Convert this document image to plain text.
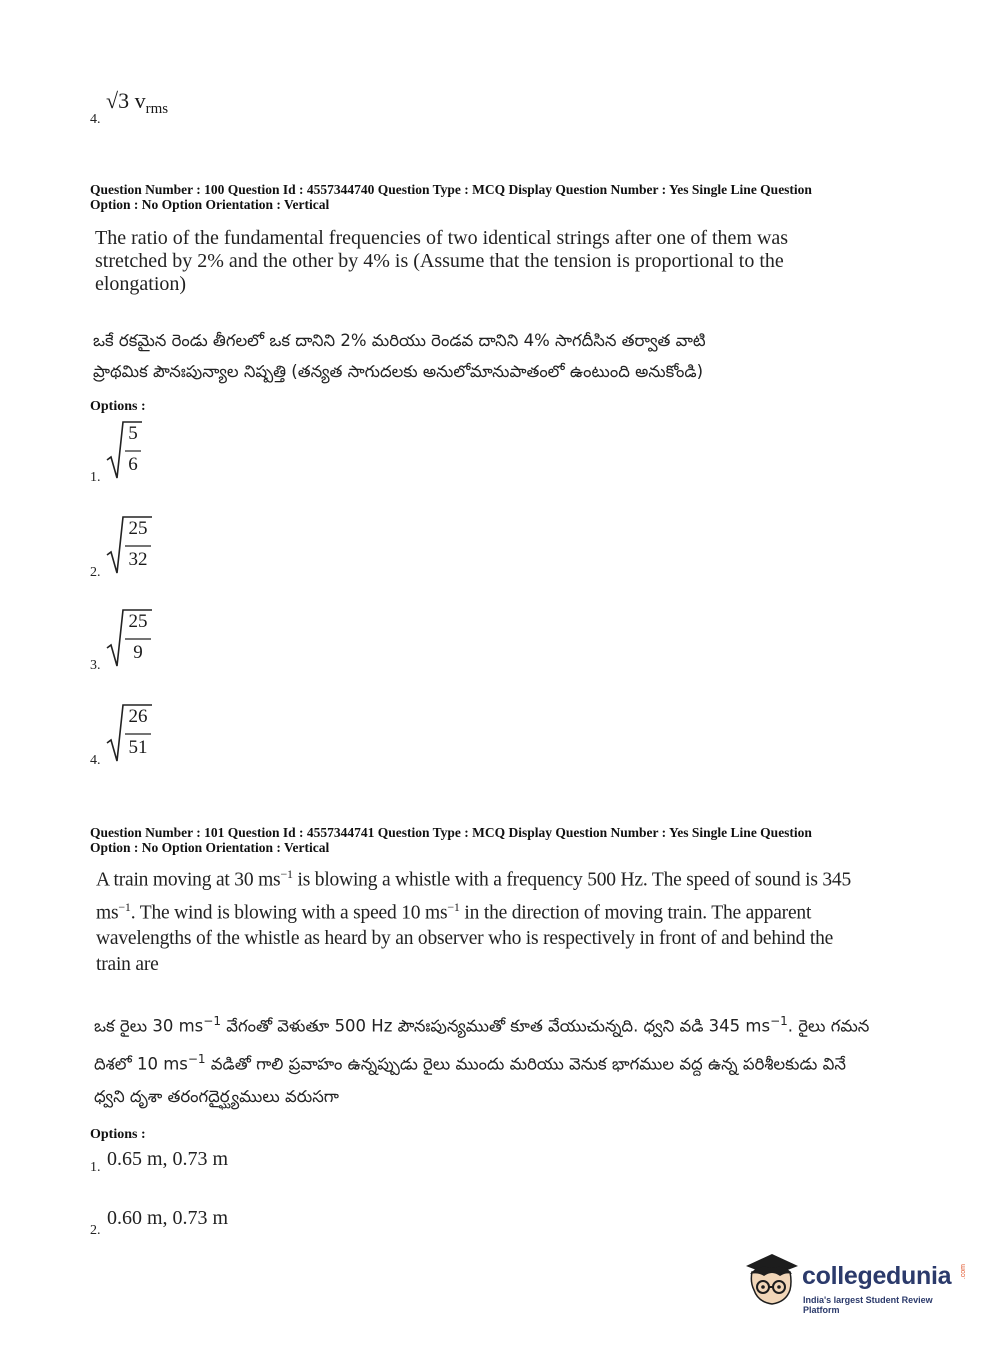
4.
√3 $v_{rms}$
Question Number : 100 Question Id : 4557344740 Question Type : MCQ Display Question Number : Yes Single Line Question
Option : No Option Orientation : Vertical
The ratio of the fundamental frequencies of two identical strings after one of them was stretched by 2% and the other by 4% is (Assume that the tension is proportional to the elongation)
ఒకే రకమైన రెండు తీగలలో ఒక దానిని 2% మరియు రెండవ దానిని 4% సాగదీసిన తర్వాత వాటి
ప్రాథమిక పౌనఃపున్యాల నిష్పత్తి (తన్యత సాగుదలకు అనులోమానుపాతంలో ఉంటుంది అనుకోండి)
Options :
1.
5
6
2.
25
32
3.
25
9
4.
26
51
Question Number : 101 Question Id : 4557344741 Question Type : MCQ Display Question Number : Yes Single Line Question
Option : No Option Orientation : Vertical
A train moving at 30 $ms^{-1}$ is blowing a whistle with a frequency 500 Hz. The speed of sound is 345 $ms^{-1}$. The wind is blowing with a speed 10 $ms^{-1}$ in the direction of moving train. The apparent wavelengths of the whistle as heard by an observer who is respectively in front of and behind the train are
ఒక రైలు 30 $ms^{-1}$ వేగంతో వెళుతూ 500 Hz పౌనఃపున్యముతో కూత వేయుచున్నది. ధ్వని వడి 345 $ms^{-1}$. రైలు గమన దిశలో 10 $ms^{-1}$ వడితో గాలి ప్రవాహం ఉన్నప్పుడు రైలు ముందు మరియు వెనుక భాగముల వద్ద ఉన్న పరిశీలకుడు వినే ధ్వని దృశా తరంగదైర్ఘ్యములు వరుసగా
Options :
1. 0.65 m, 0.73 m
2.
0.60 m, 0.73 m
collegedunia .com
India's largest Student Review Platform
